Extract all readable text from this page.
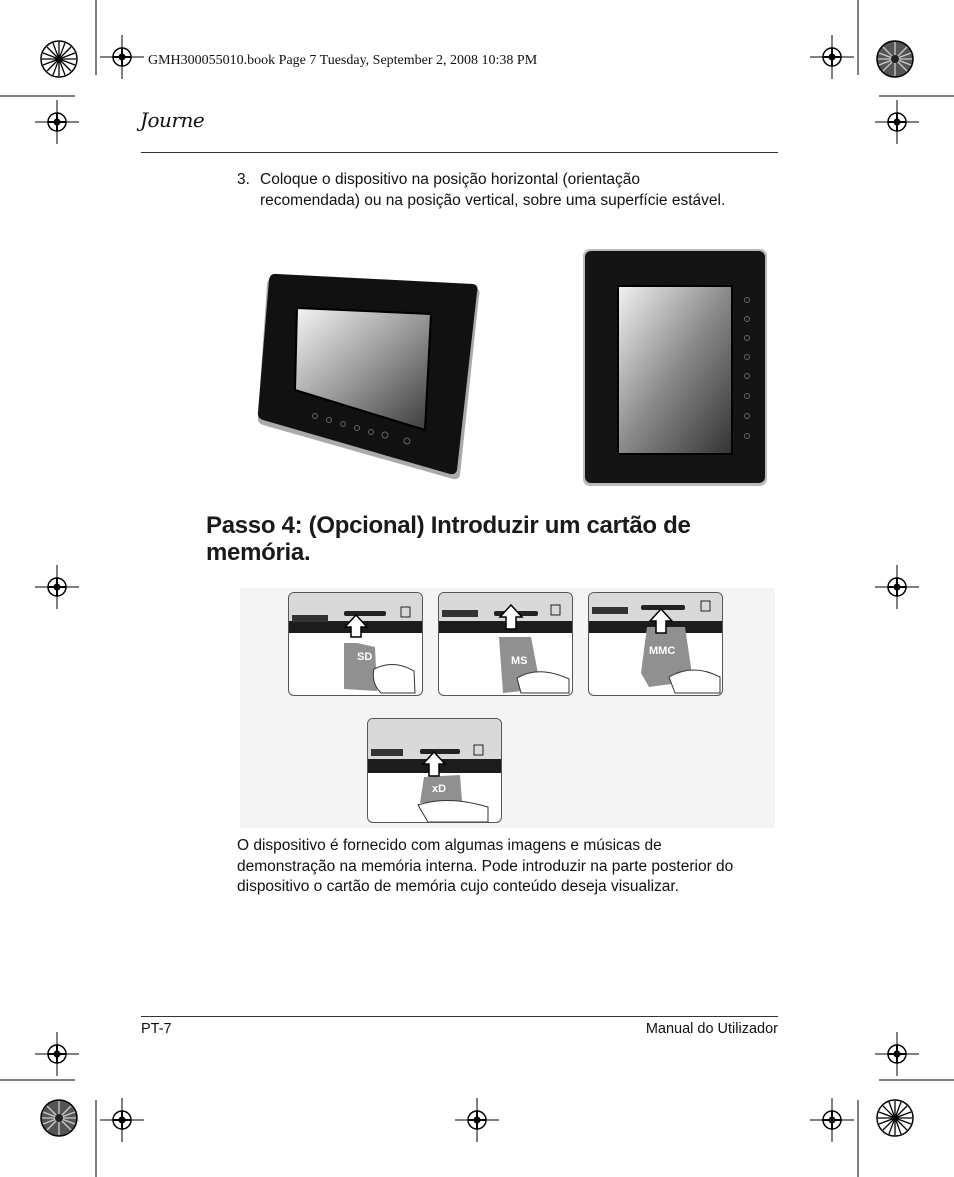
GMH300055010.book Page 7 Tuesday, September 2, 2008 10:38 PM
Journe
3. Coloque o dispositivo na posição horizontal (orientação recomendada) ou na posição vertical, sobre uma superfície estável.
Passo 4: (Opcional) Introduzir um cartão de memória.
SD	MS
MMC
xD
O dispositivo é fornecido com algumas imagens e músicas de demonstração na memória interna. Pode introduzir na parte posterior do dispositivo o cartão de memória cujo conteúdo deseja visualizar.
PT-7	Manual do Utilizador
